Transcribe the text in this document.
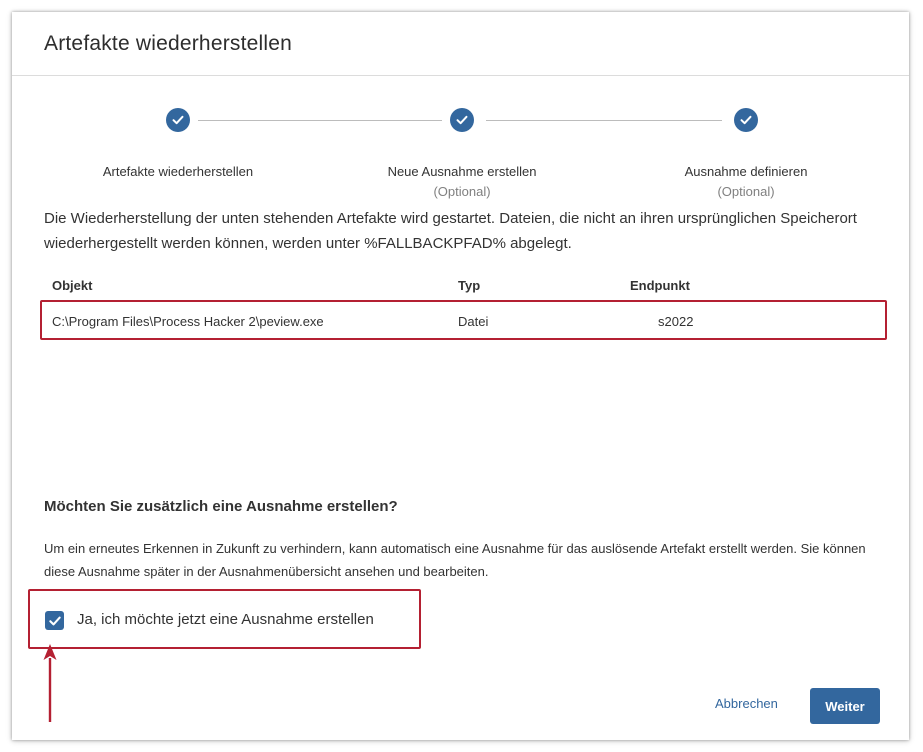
Artefakte wiederherstellen
Artefakte wiederherstellen	Neue Ausnahme erstellen
(Optional)
Ausnahme definieren
(Optional)

Die Wiederherstellung der unten stehenden Artefakte wird gestartet. Dateien, die nicht an ihren ursprünglichen Speicherort wiederhergestellt werden können, werden unter %FALLBACKPFAD% abgelegt.

Objekt	Typ	Endpunkt
C:\Program Files\Process Hacker 2\peview.exe	Datei	s2022
Möchten Sie zusätzlich eine Ausnahme erstellen?

Um ein erneutes Erkennen in Zukunft zu verhindern, kann automatisch eine Ausnahme für das auslösende Artefakt erstellt werden. Sie können diese Ausnahme später in der Ausnahmenübersicht ansehen und bearbeiten.

Ja, ich möchte jetzt eine Ausnahme erstellen
Abbrechen	Weiter
